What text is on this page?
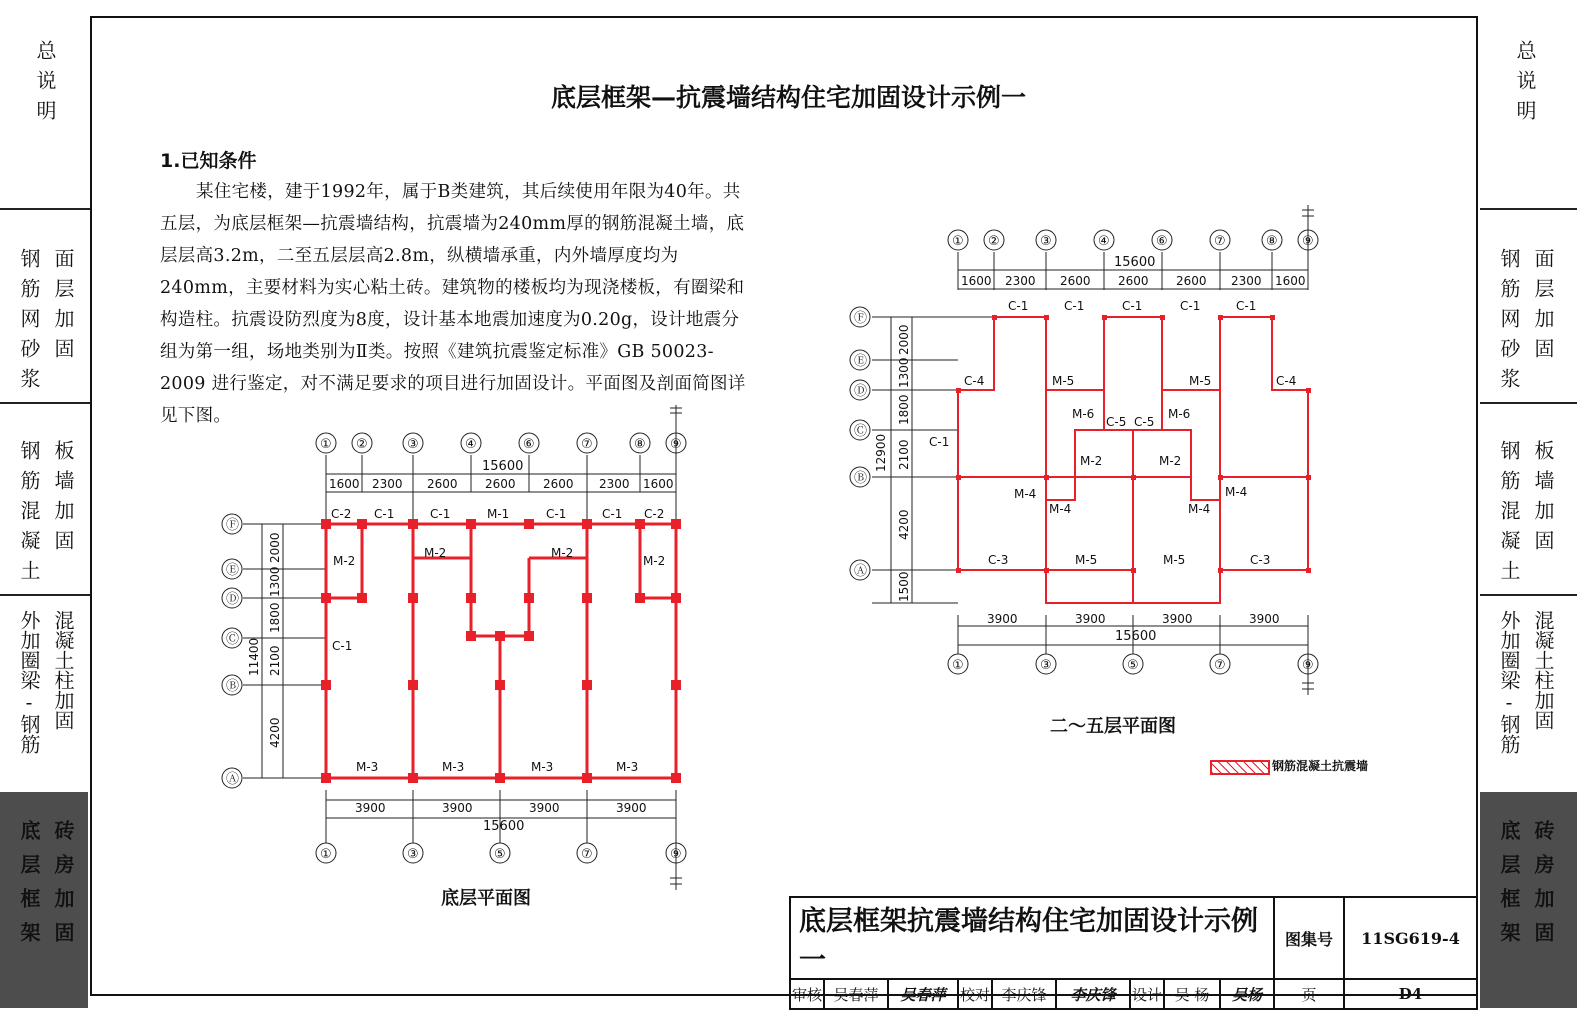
总说明
钢筋网砂浆 面层加固
钢筋混凝土 板墙加固
外加圈梁-钢筋 混凝土柱加固
底层框架 砖房加固
总说明
钢筋网砂浆 面层加固
钢筋混凝土 板墙加固
外加圈梁-钢筋 混凝土柱加固
底层框架 砖房加固
底层框架—抗震墙结构住宅加固设计示例一
1.已知条件
某住宅楼，建于1992年，属于B类建筑，其后续使用年限为40年。共五层，为底层框架—抗震墙结构，抗震墙为240mm厚的钢筋混凝土墙，底层层高3.2m，二至五层层高2.8m，纵横墙承重，内外墙厚度均为240mm，主要材料为实心粘土砖。建筑物的楼板均为现浇楼板，有圈梁和构造柱。抗震设防烈度为8度，设计基本地震加速度为0.20g，设计地震分组为第一组，场地类别为Ⅱ类。按照《建筑抗震鉴定标准》GB 50023-2009 进行鉴定，对不满足要求的项目进行加固设计。平面图及剖面简图详见下图。
① ②	③	④	⑥	⑦	⑧ ⑨
15600
1600 2300 2600 2600 2600 2300 1600
Ⓕ
Ⓔ
Ⓓ
Ⓒ
Ⓑ
Ⓐ
2000
1300
1800
2100
4200
11400
C-2 C-1	C-1	M-1	C-1	C-1 C-2
M-2
M-2	M-2
M-2
C-1
M-3	M-3	M-3	M-3
3900	3900	3900	3900
15600
①	③	⑤	⑦	⑨
底层平面图
① ②	③	④	⑥	⑦	⑧ ⑨
15600
1600 2300 2600 2600 2600 2300 1600
Ⓕ
Ⓔ
Ⓓ
Ⓒ
Ⓑ
Ⓐ
2000
1300
1800
2100
4200
1500
12900
C-1	C-1	C-1	C-1	C-1
C-4	C-4
M-5	M-5
M-6	M-6
C-5 C-5
C-1
M-2	M-2
M-4	M-4
M-4	M-4
C-3	M-5	M-5	C-3
3900	3900	3900	3900
15600
①	③	⑤	⑦	⑨
二～五层平面图
钢筋混凝土抗震墙
底层框架抗震墙结构住宅加固设计示例一									图集号	11SG619-4
审核	吴春萍	吴春萍	校对	李庆锋	李庆锋	设计	吴 杨	吴杨	页	D4
